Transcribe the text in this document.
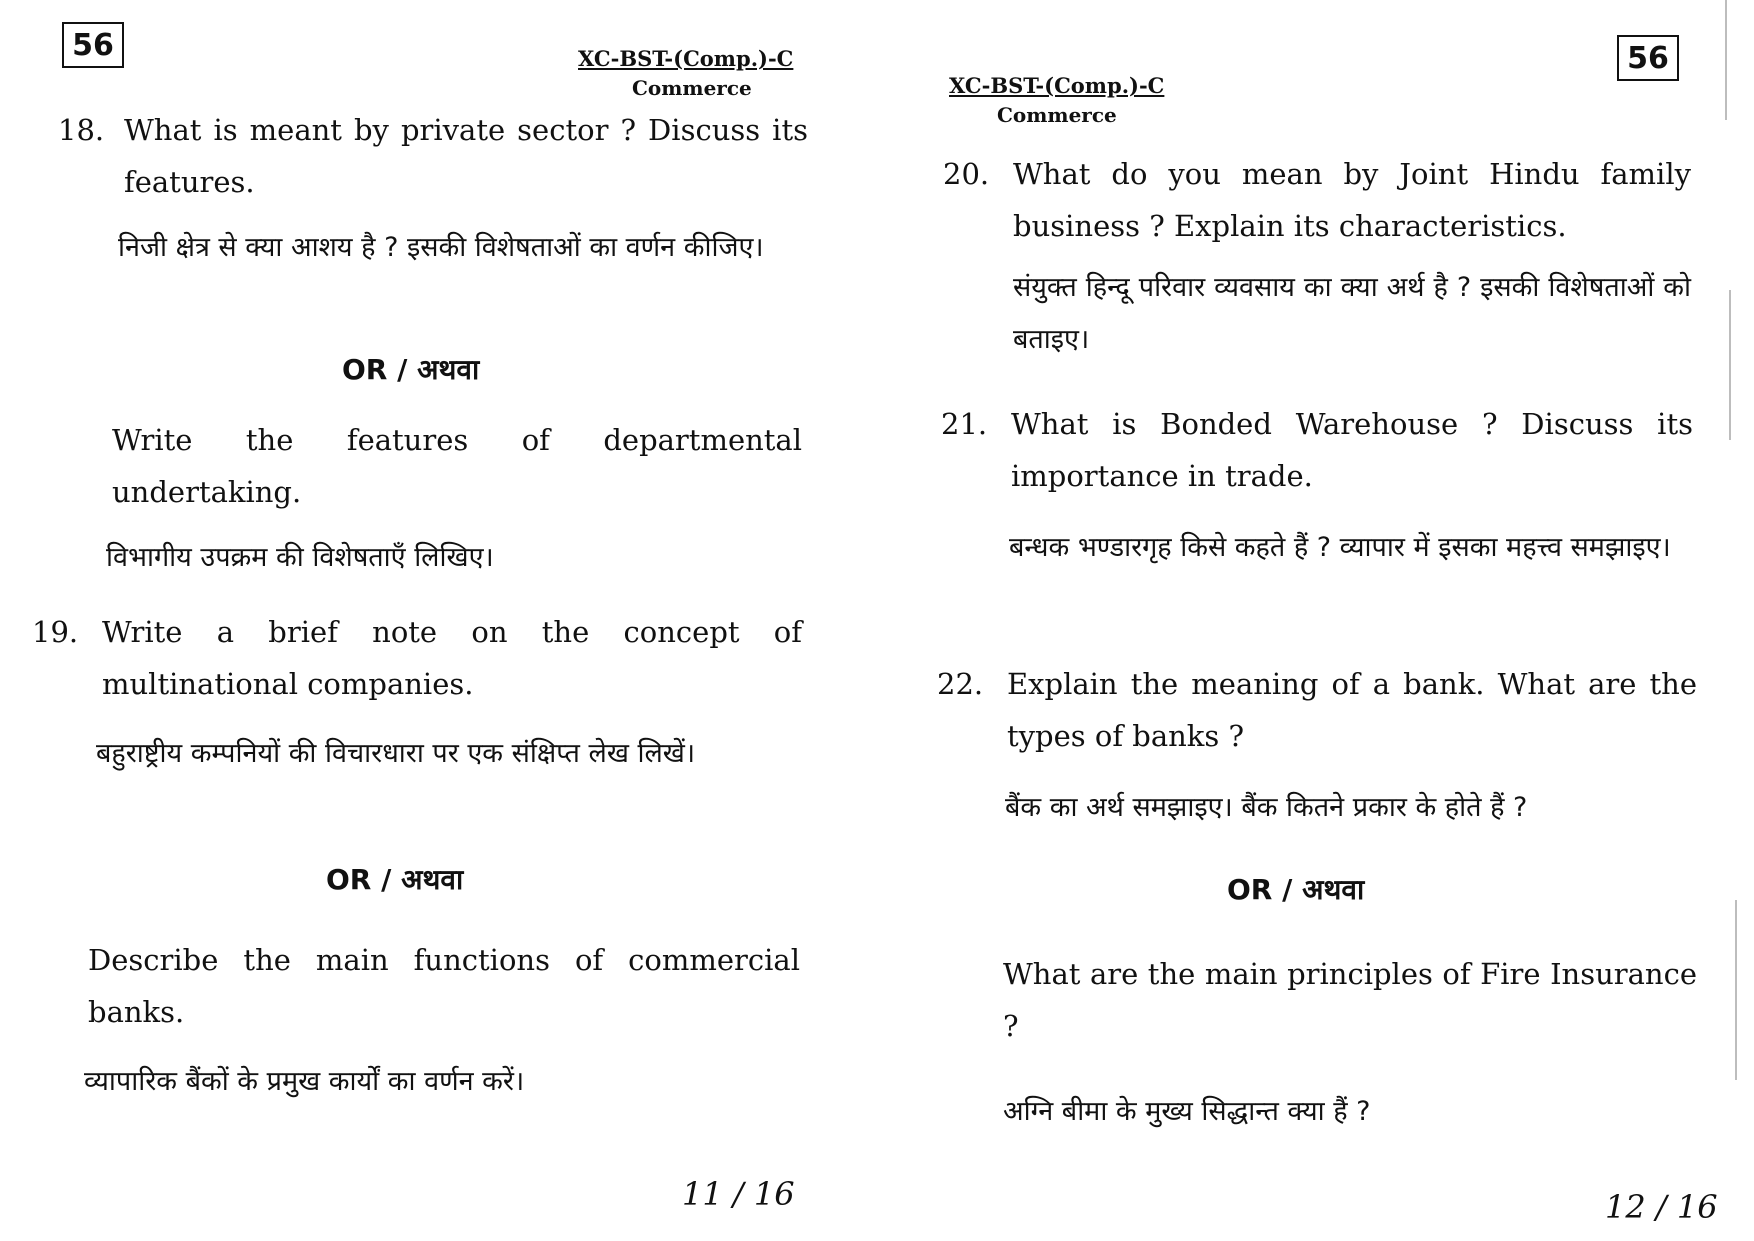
56	XC-BST-(Comp.)-C
Commerce
18. What is meant by private sector ? Discuss its features.
निजी क्षेत्र से क्या आशय है ? इसकी विशेषताओं का वर्णन कीजिए।
OR / अथवा
Write the features of departmental undertaking.
विभागीय उपक्रम की विशेषताएँ लिखिए।
19. Write a brief note on the concept of multinational companies.
बहुराष्ट्रीय कम्पनियों की विचारधारा पर एक संक्षिप्त लेख लिखें।
OR / अथवा
Describe the main functions of commercial banks.
व्यापारिक बैंकों के प्रमुख कार्यों का वर्णन करें।
11 / 16
56
XC-BST-(Comp.)-C
Commerce
20. What do you mean by Joint Hindu family business ? Explain its characteristics.
संयुक्त हिन्दू परिवार व्यवसाय का क्या अर्थ है ? इसकी विशेषताओं को बताइए।
21. What is Bonded Warehouse ? Discuss its importance in trade.
बन्धक भण्डारगृह किसे कहते हैं ? व्यापार में इसका महत्त्व समझाइए।
22. Explain the meaning of a bank. What are the types of banks ?
बैंक का अर्थ समझाइए। बैंक कितने प्रकार के होते हैं ?
OR / अथवा
What are the main principles of Fire Insurance ?
अग्नि बीमा के मुख्य सिद्धान्त क्या हैं ?
12 / 16
